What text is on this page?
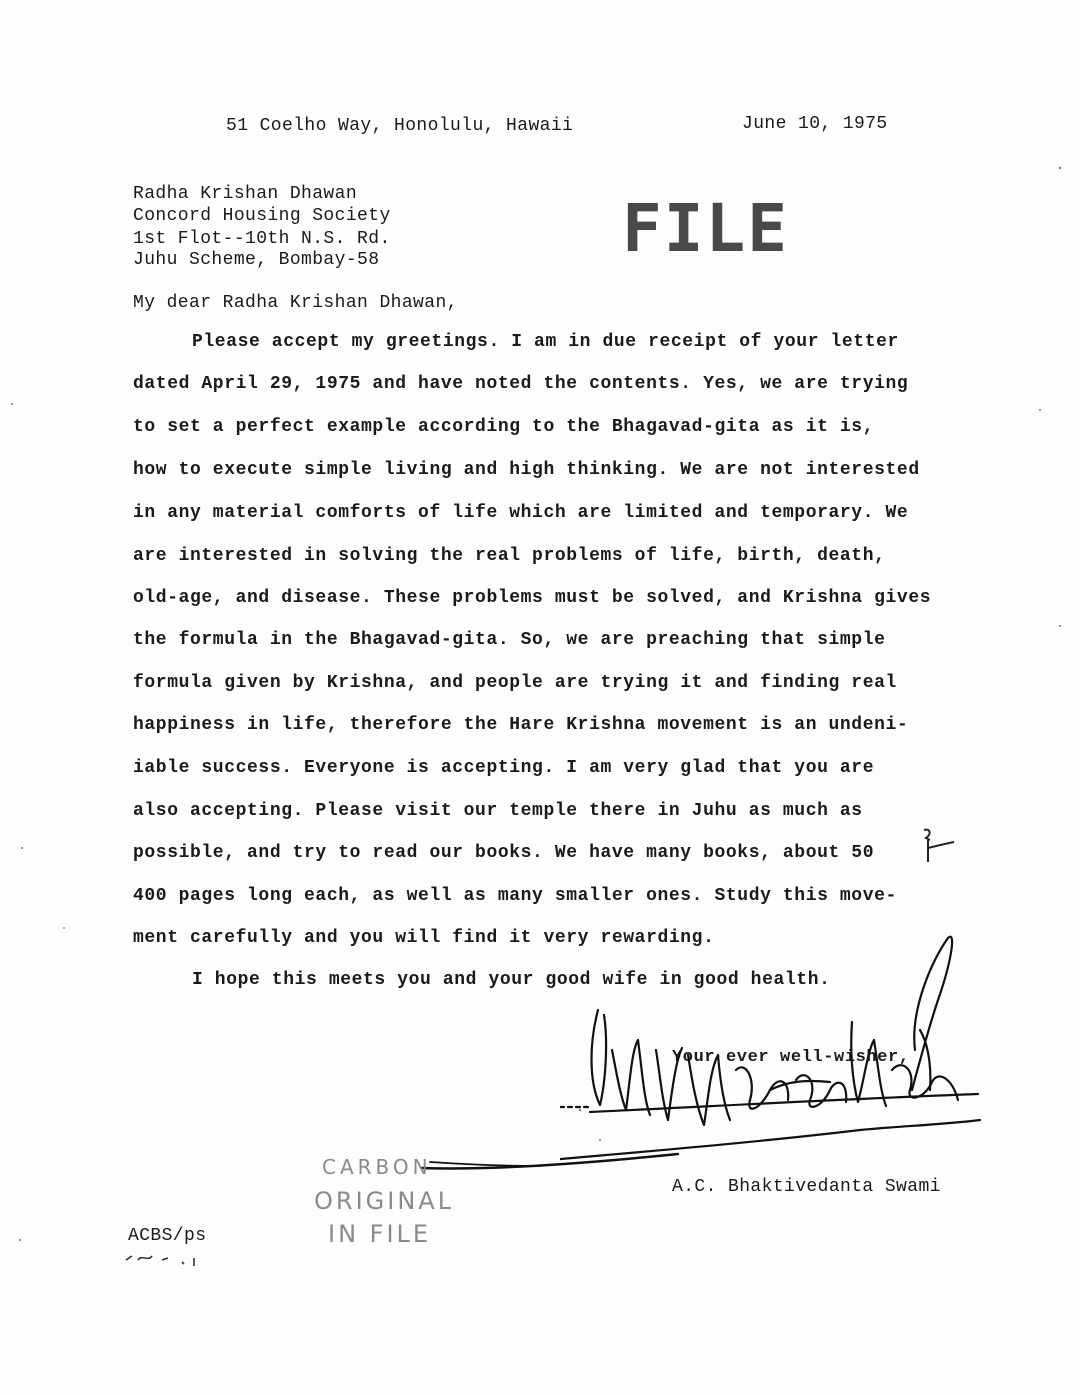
51 Coelho Way, Honolulu, Hawaii	June 10, 1975
Radha Krishan Dhawan
Concord Housing Society
1st Flot--10th N.S. Rd.
Juhu Scheme, Bombay-58	FILE
My dear Radha Krishan Dhawan,
Please accept my greetings. I am in due receipt of your letter
dated April 29, 1975 and have noted the contents. Yes, we are trying
to set a perfect example according to the Bhagavad-gita as it is,
how to execute simple living and high thinking. We are not interested
in any material comforts of life which are limited and temporary. We
are interested in solving the real problems of life, birth, death,
old-age, and disease. These problems must be solved, and Krishna gives
the formula in the Bhagavad-gita. So, we are preaching that simple
formula given by Krishna, and people are trying it and finding real
happiness in life, therefore the Hare Krishna movement is an undeni-
iable success. Everyone is accepting. I am very glad that you are
also accepting. Please visit our temple there in Juhu as much as
possible, and try to read our books. We have many books, about 50
400 pages long each, as well as many smaller ones. Study this move-
ment carefully and you will find it very rewarding.
I hope this meets you and your good wife in good health.
Your ever well-wisher,
A.C. Bhaktivedanta Swami
CARBON
ORIGINAL
IN FILE
ACBS/ps
